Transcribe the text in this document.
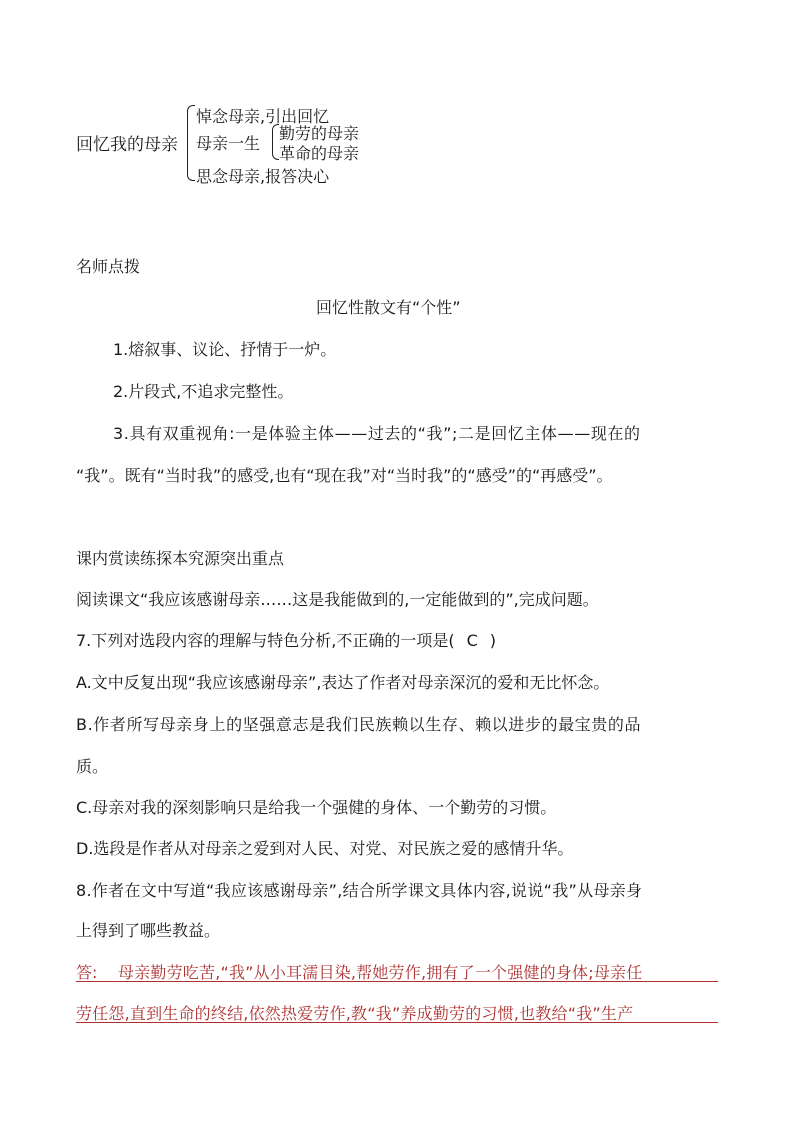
回忆我的母亲
悼念母亲,引出回忆
母亲一生
勤劳的母亲
革命的母亲
思念母亲,报答决心
名师点拨
回忆性散文有“个性”
1.熔叙事、议论、抒情于一炉。
2.片段式,不追求完整性。
3.具有双重视角:一是体验主体——过去的“我”;二是回忆主体——现在的
“我”。既有“当时我”的感受,也有“现在我”对“当时我”的“感受”的“再感受”。
课内赏读练探本究源突出重点
阅读课文“我应该感谢母亲……这是我能做到的,一定能做到的”,完成问题。
7.下列对选段内容的理解与特色分析,不正确的一项是( C )
A.文中反复出现“我应该感谢母亲”,表达了作者对母亲深沉的爱和无比怀念。
B.作者所写母亲身上的坚强意志是我们民族赖以生存、赖以进步的最宝贵的品
质。
C.母亲对我的深刻影响只是给我一个强健的身体、一个勤劳的习惯。
D.选段是作者从对母亲之爱到对人民、对党、对民族之爱的感情升华。
8.作者在文中写道“我应该感谢母亲”,结合所学课文具体内容,说说“我”从母亲身
上得到了哪些教益。
答: 母亲勤劳吃苦,“我”从小耳濡目染,帮她劳作,拥有了一个强健的身体;母亲任
劳任怨,直到生命的终结,依然热爱劳作,教“我”养成勤劳的习惯,也教给“我”生产
